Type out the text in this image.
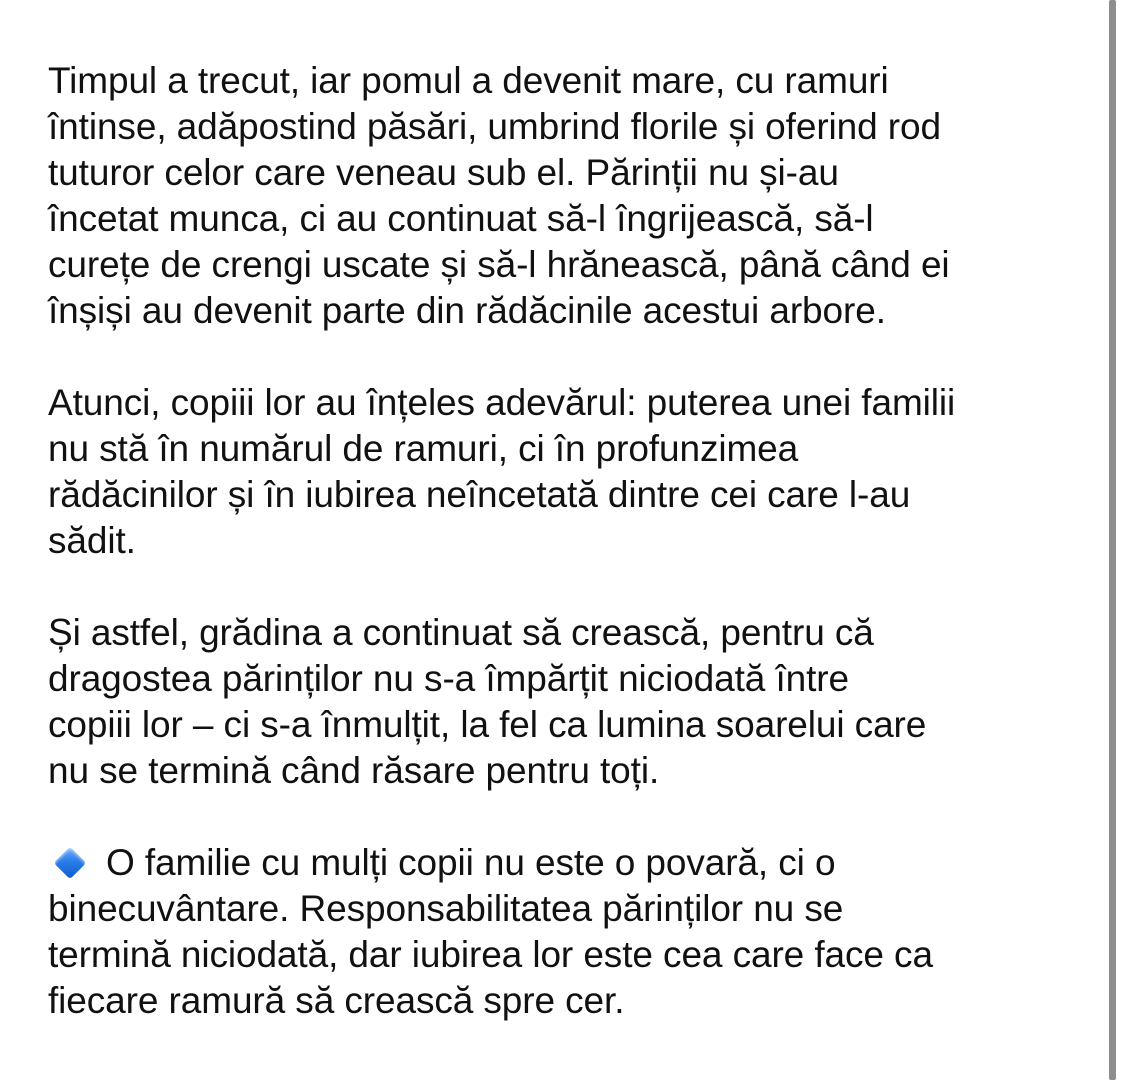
Timpul a trecut, iar pomul a devenit mare, cu ramuri
întinse, adăpostind păsări, umbrind florile și oferind rod
tuturor celor care veneau sub el. Părinții nu și-au
încetat munca, ci au continuat să-l îngrijească, să-l
curețe de crengi uscate și să-l hrănească, până când ei
înșiși au devenit parte din rădăcinile acestui arbore.

Atunci, copiii lor au înțeles adevărul: puterea unei familii
nu stă în numărul de ramuri, ci în profunzimea
rădăcinilor și în iubirea neîncetată dintre cei care l-au
sădit.

Și astfel, grădina a continuat să crească, pentru că
dragostea părinților nu s-a împărțit niciodată între
copiii lor – ci s-a înmulțit, la fel ca lumina soarelui care
nu se termină când răsare pentru toți.

O familie cu mulți copii nu este o povară, ci o
binecuvântare. Responsabilitatea părinților nu se
termină niciodată, dar iubirea lor este cea care face ca
fiecare ramură să crească spre cer.
